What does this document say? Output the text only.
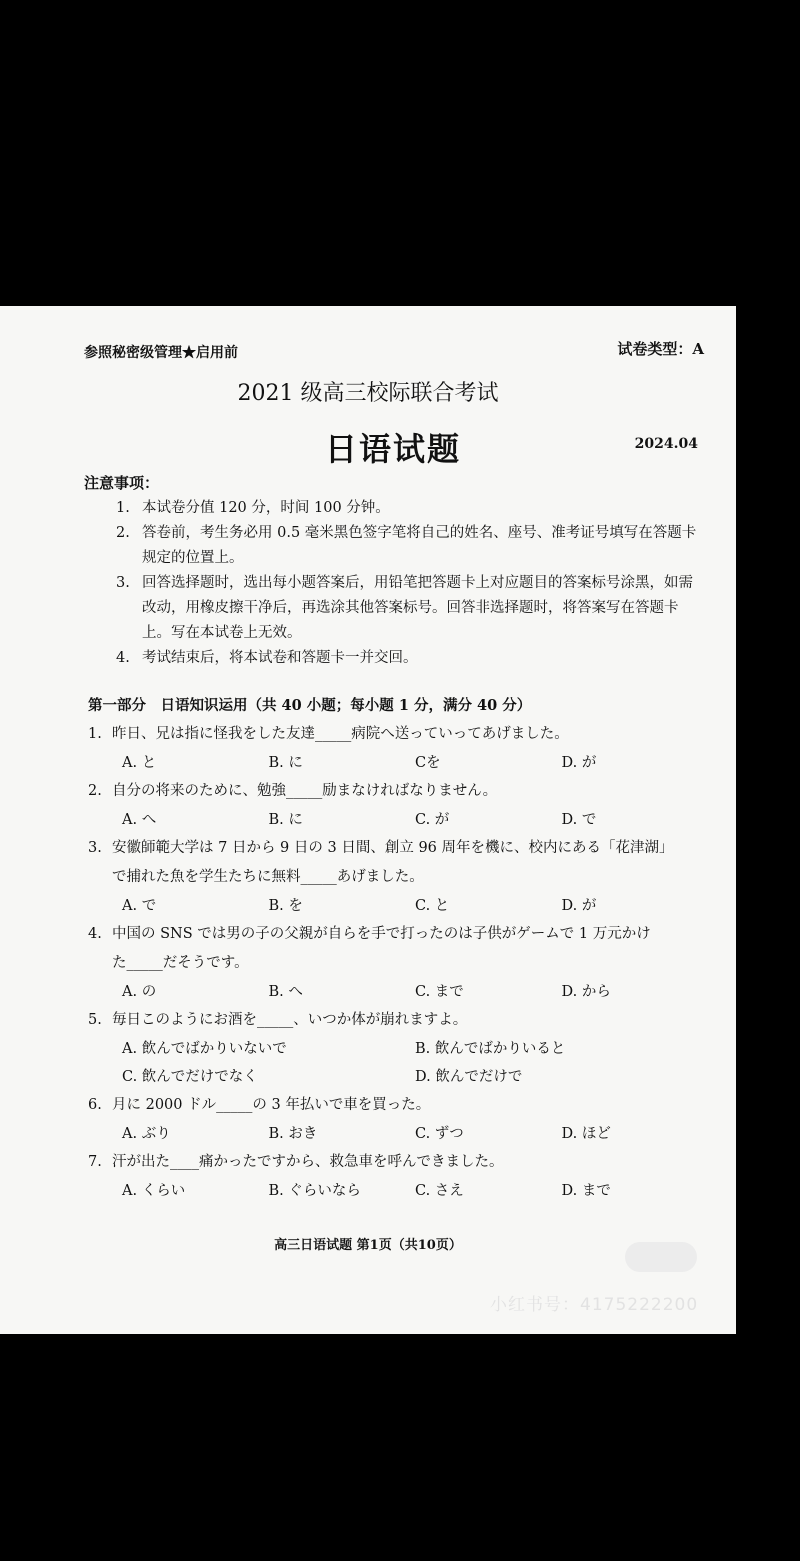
参照秘密级管理★启用前	试卷类型：A
2021 级高三校际联合考试
日语试题	2024.04
注意事项：
1. 本试卷分值 120 分，时间 100 分钟。
2. 答卷前，考生务必用 0.5 毫米黑色签字笔将自己的姓名、座号、准考证号填写在答题卡规定的位置上。
3. 回答选择题时，选出每小题答案后，用铅笔把答题卡上对应题目的答案标号涂黑，如需改动，用橡皮擦干净后，再选涂其他答案标号。回答非选择题时，将答案写在答题卡上。写在本试卷上无效。
4. 考试结束后，将本试卷和答题卡一并交回。
第一部分　日语知识运用（共 40 小题；每小题 1 分，满分 40 分）
1. 昨日、兄は指に怪我をした友達_____病院へ送っていってあげました。
A. と	B. に	Cを	D. が
2. 自分の将来のために、勉強_____励まなければなりません。
A. へ	B. に	C. が	D. で
3. 安徽師範大学は 7 日から 9 日の 3 日間、創立 96 周年を機に、校内にある「花津湖」
で捕れた魚を学生たちに無料_____あげました。
A. で	B. を	C. と	D. が
4. 中国の SNS では男の子の父親が自らを手で打ったのは子供がゲームで 1 万元かけ
た_____だそうです。
A. の	B. へ	C. まで	D. から
5. 毎日このようにお酒を_____、いつか体が崩れますよ。
A. 飲んでばかりいないで	B. 飲んでばかりいると
C. 飲んでだけでなく	D. 飲んでだけで
6. 月に 2000 ドル_____の 3 年払いで車を買った。
A. ぶり	B. おき	C. ずつ	D. ほど
7. 汗が出た____痛かったですから、救急車を呼んできました。
A. くらい	B. ぐらいなら	C. さえ	D. まで
高三日语试题 第1页（共10页）
小红书号：4175222200
